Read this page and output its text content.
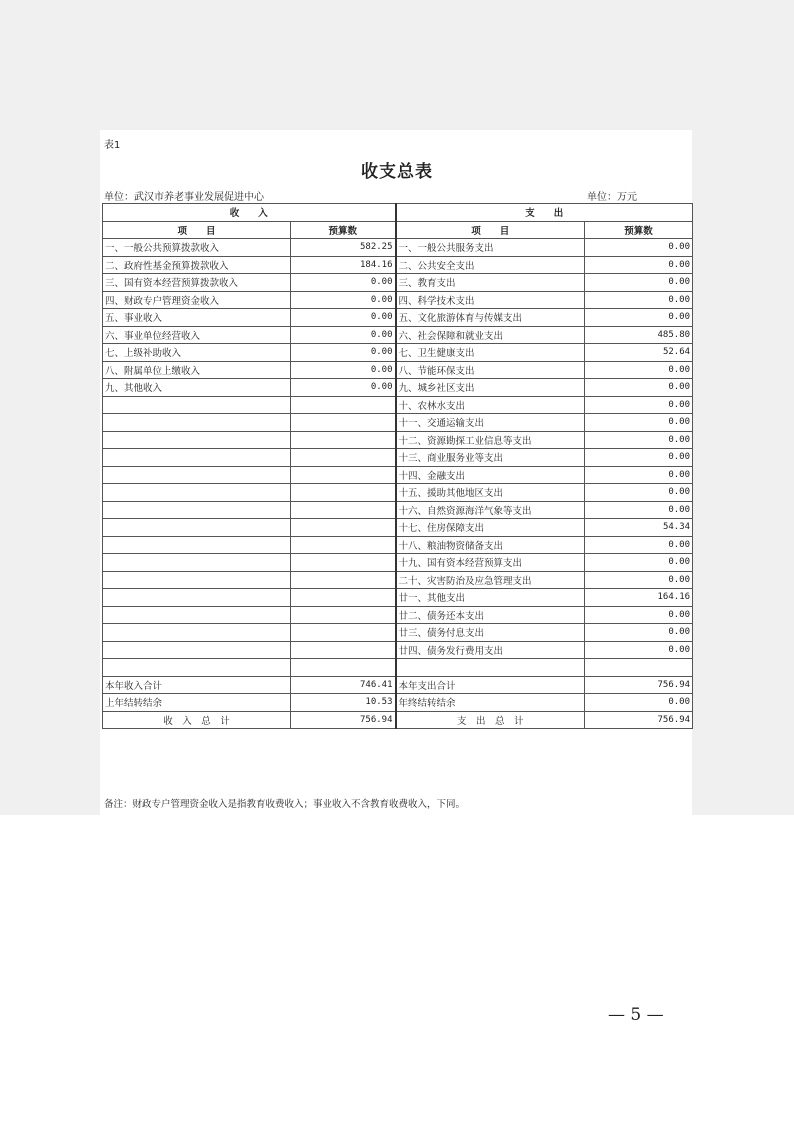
表1
收支总表
单位：武汉市养老事业发展促进中心	单位：万元
收　　入		支　　出	
项　　目	预算数	项　　目	预算数
一、一般公共预算拨款收入	582.25	一、一般公共服务支出	0.00
二、政府性基金预算拨款收入	184.16	二、公共安全支出	0.00
三、国有资本经营预算拨款收入	0.00	三、教育支出	0.00
四、财政专户管理资金收入	0.00	四、科学技术支出	0.00
五、事业收入	0.00	五、文化旅游体育与传媒支出	0.00
六、事业单位经营收入	0.00	六、社会保障和就业支出	485.80
七、上级补助收入	0.00	七、卫生健康支出	52.64
八、附属单位上缴收入	0.00	八、节能环保支出	0.00
九、其他收入	0.00	九、城乡社区支出	0.00
		十、农林水支出	0.00
		十一、交通运输支出	0.00
		十二、资源勘探工业信息等支出	0.00
		十三、商业服务业等支出	0.00
		十四、金融支出	0.00
		十五、援助其他地区支出	0.00
		十六、自然资源海洋气象等支出	0.00
		十七、住房保障支出	54.34
		十八、粮油物资储备支出	0.00
		十九、国有资本经营预算支出	0.00
		二十、灾害防治及应急管理支出	0.00
		廿一、其他支出	164.16
		廿二、债务还本支出	0.00
		廿三、债务付息支出	0.00
		廿四、债务发行费用支出	0.00

本年收入合计	746.41	本年支出合计	756.94
上年结转结余	10.53	年终结转结余	0.00
收　入　总　计	756.94	支　出　总　计	756.94
备注：财政专户管理资金收入是指教育收费收入；事业收入不含教育收费收入，下同。
— 5 —
